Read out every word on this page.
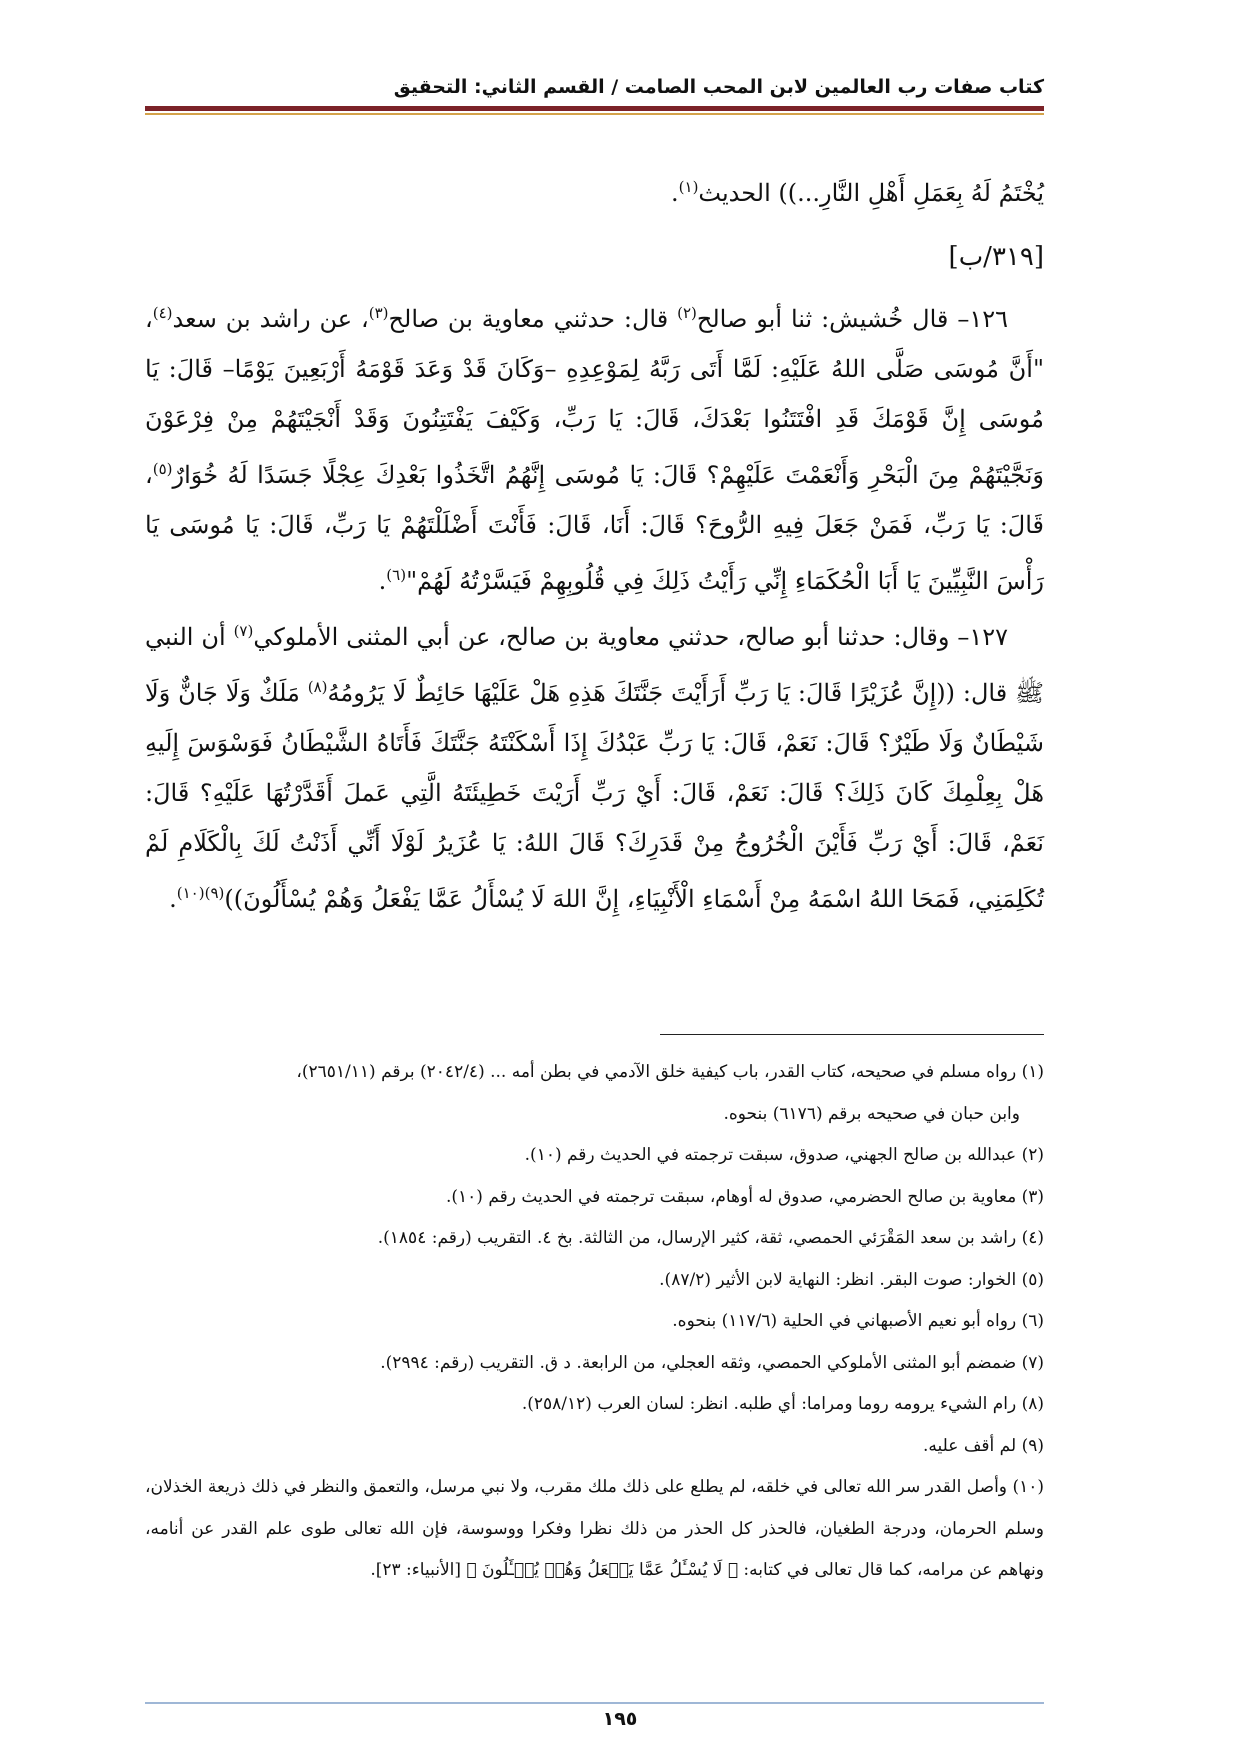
كتاب صفات رب العالمين لابن المحب الصامت / القسم الثاني: التحقيق

يُخْتَمُ لَهُ بِعَمَلِ أَهْلِ النَّارِ...)) الحديث$^{(١)}$.

[٣١٩/ب]

١٢٦– قال خُشيش: ثنا أبو صالح$^{(٢)}$ قال: حدثني معاوية بن صالح$^{(٣)}$، عن راشد بن سعد$^{(٤)}$، "أَنَّ مُوسَى صَلَّى اللهُ عَلَيْهِ: لَمَّا أَتَى رَبَّهُ لِمَوْعِدِهِ –وَكَانَ قَدْ وَعَدَ قَوْمَهُ أَرْبَعِينَ يَوْمًا– قَالَ: يَا مُوسَى إِنَّ قَوْمَكَ قَدِ افْتَتَنُوا بَعْدَكَ، قَالَ: يَا رَبِّ، وَكَيْفَ يَفْتَتِنُونَ وَقَدْ أَنْجَيْتَهُمْ مِنْ فِرْعَوْنَ وَنَجَّيْتَهُمْ مِنَ الْبَحْرِ وَأَنْعَمْتَ عَلَيْهِمْ؟ قَالَ: يَا مُوسَى إِنَّهُمُ اتَّخَذُوا بَعْدِكَ عِجْلًا جَسَدًا لَهُ خُوَارٌ$^{(٥)}$، قَالَ: يَا رَبِّ، فَمَنْ جَعَلَ فِيهِ الرُّوحَ؟ قَالَ: أَنَا، قَالَ: فَأَنْتَ أَضْلَلْتَهُمْ يَا رَبِّ، قَالَ: يَا مُوسَى يَا رَأْسَ النَّبِيِّينَ يَا أَبَا الْحُكَمَاءِ إِنِّي رَأَيْتُ ذَلِكَ فِي قُلُوبِهِمْ فَيَسَّرْتُهُ لَهُمْ"$^{(٦)}$.

١٢٧– وقال: حدثنا أبو صالح، حدثني معاوية بن صالح، عن أبي المثنى الأملوكي$^{(٧)}$ أن النبي ﷺ قال: ((إِنَّ عُزَيْرًا قَالَ: يَا رَبِّ أَرَأَيْتَ جَنَّتَكَ هَذِهِ هَلْ عَلَيْهَا حَائِطٌ لَا يَرُومُهُ$^{(٨)}$ مَلَكٌ وَلَا جَانٌّ وَلَا شَيْطَانٌ وَلَا طَيْرٌ؟ قَالَ: نَعَمْ، قَالَ: يَا رَبِّ عَبْدُكَ إِذَا أَسْكَنْتَهُ جَنَّتَكَ فَأَتَاهُ الشَّيْطَانُ فَوَسْوَسَ إِلَيهِ هَلْ بِعِلْمِكَ كَانَ ذَلِكَ؟ قَالَ: نَعَمْ، قَالَ: أَيْ رَبِّ أَرَيْتَ خَطِيئَتَهُ الَّتِي عَملَ أَقَدَّرْتُهَا عَلَيْهِ؟ قَالَ: نَعَمْ، قَالَ: أَيْ رَبِّ فَأَيْنَ الْخُرُوجُ مِنْ قَدَرِكَ؟ قَالَ اللهُ: يَا عُزَيرُ لَوْلَا أَنِّي أَذَنْتُ لَكَ بِالْكَلَامِ لَمْ تُكَلِمَنِي، فَمَحَا اللهُ اسْمَهُ مِنْ أَسْمَاءِ الْأَنْبِيَاءِ، إِنَّ اللهَ لَا يُسْأَلُ عَمَّا يَفْعَلُ وَهُمْ يُسْأَلُونَ))$^{(٩)(١٠)}$.

(١) رواه مسلم في صحيحه، كتاب القدر، باب كيفية خلق الآدمي في بطن أمه ... (٢٠٤٢/٤) برقم (٢٦٥١/١١)،

وابن حبان في صحيحه برقم (٦١٧٦) بنحوه.

(٢) عبدالله بن صالح الجهني، صدوق، سبقت ترجمته في الحديث رقم (١٠).

(٣) معاوية بن صالح الحضرمي، صدوق له أوهام، سبقت ترجمته في الحديث رقم (١٠).

(٤) راشد بن سعد المَقْرَئي الحمصي، ثقة، كثير الإرسال، من الثالثة. بخ ٤. التقريب (رقم: ١٨٥٤).

(٥) الخوار: صوت البقر. انظر: النهاية لابن الأثير (٨٧/٢).

(٦) رواه أبو نعيم الأصبهاني في الحلية (١١٧/٦) بنحوه.

(٧) ضمضم أبو المثنى الأملوكي الحمصي، وثقه العجلي، من الرابعة. د ق. التقريب (رقم: ٢٩٩٤).

(٨) رام الشيء يرومه روما ومراما: أي طلبه. انظر: لسان العرب (٢٥٨/١٢).

(٩) لم أقف عليه.

(١٠) وأصل القدر سر الله تعالى في خلقه، لم يطلع على ذلك ملك مقرب، ولا نبي مرسل، والتعمق والنظر في ذلك ذريعة الخذلان، وسلم الحرمان، ودرجة الطغيان، فالحذر كل الحذر من ذلك نظرا وفكرا ووسوسة، فإن الله تعالى طوى علم القدر عن أنامه، ونهاهم عن مرامه، كما قال تعالى في كتابه: ﴿ لَا يُسْـَٔلُ عَمَّا يَفۡعَلُ وَهُمۡ يُسۡـَٔلُونَ ﴾ [الأنبياء: ٢٣].

١٩٥
